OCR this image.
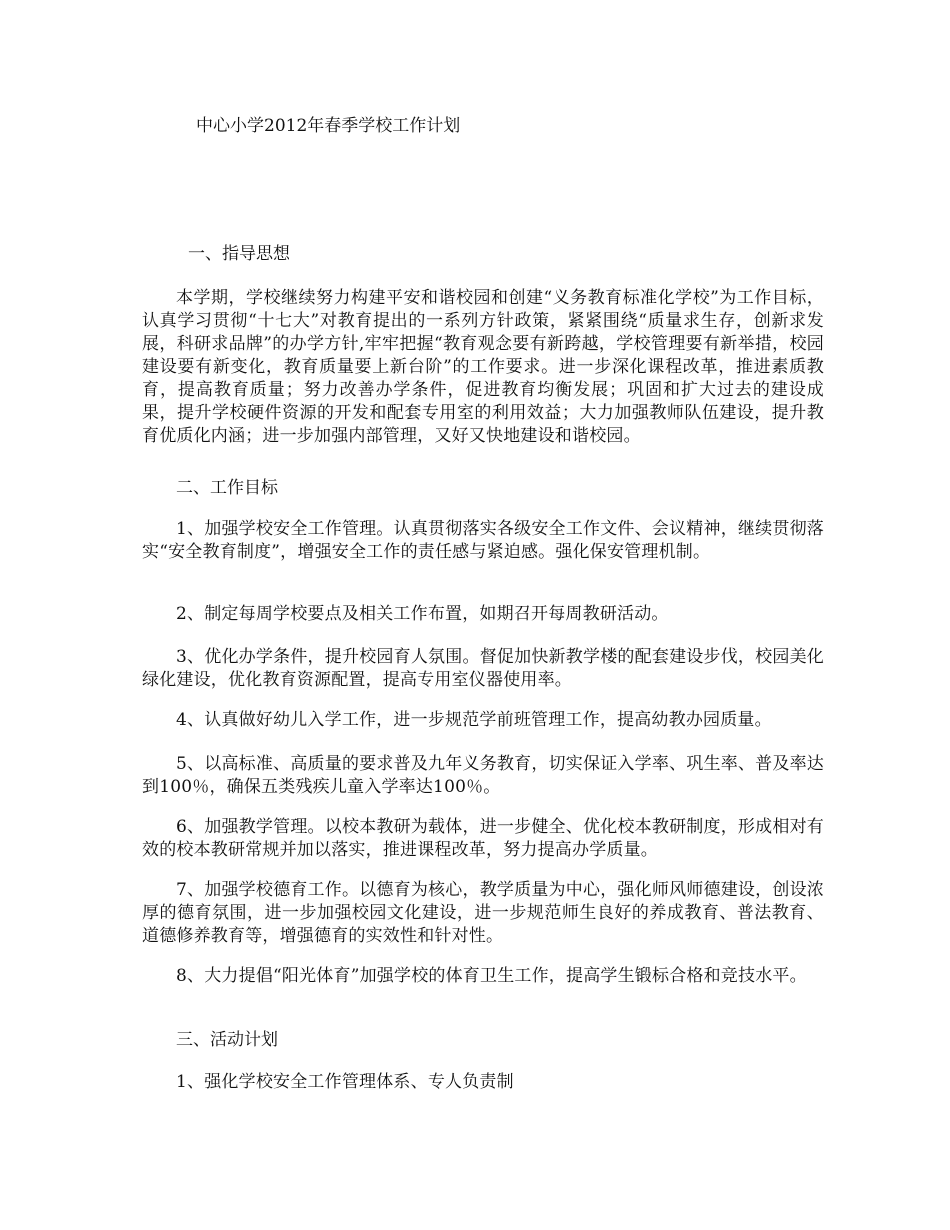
中心小学2012年春季学校工作计划
一、指导思想
本学期，学校继续努力构建平安和谐校园和创建“义务教育标准化学校”为工作目标，认真学习贯彻“十七大”对教育提出的一系列方针政策，紧紧围绕“质量求生存，创新求发展，科研求品牌”的办学方针,牢牢把握“教育观念要有新跨越，学校管理要有新举措，校园建设要有新变化，教育质量要上新台阶”的工作要求。进一步深化课程改革，推进素质教育，提高教育质量；努力改善办学条件，促进教育均衡发展；巩固和扩大过去的建设成果，提升学校硬件资源的开发和配套专用室的利用效益；大力加强教师队伍建设，提升教育优质化内涵；进一步加强内部管理，又好又快地建设和谐校园。
二、工作目标
1、加强学校安全工作管理。认真贯彻落实各级安全工作文件、会议精神，继续贯彻落实“安全教育制度”，增强安全工作的责任感与紧迫感。强化保安管理机制。
2、制定每周学校要点及相关工作布置，如期召开每周教研活动。
3、优化办学条件，提升校园育人氛围。督促加快新教学楼的配套建设步伐，校园美化绿化建设，优化教育资源配置，提高专用室仪器使用率。
4、认真做好幼儿入学工作，进一步规范学前班管理工作，提高幼教办园质量。
5、以高标准、高质量的要求普及九年义务教育，切实保证入学率、巩生率、普及率达到100％，确保五类残疾儿童入学率达100％。
6、加强教学管理。以校本教研为载体，进一步健全、优化校本教研制度，形成相对有效的校本教研常规并加以落实，推进课程改革，努力提高办学质量。
7、加强学校德育工作。以德育为核心，教学质量为中心，强化师风师德建设，创设浓厚的德育氛围，进一步加强校园文化建设，进一步规范师生良好的养成教育、普法教育、道德修养教育等，增强德育的实效性和针对性。
8、大力提倡“阳光体育”加强学校的体育卫生工作，提高学生锻标合格和竞技水平。
三、活动计划
1、强化学校安全工作管理体系、专人负责制
